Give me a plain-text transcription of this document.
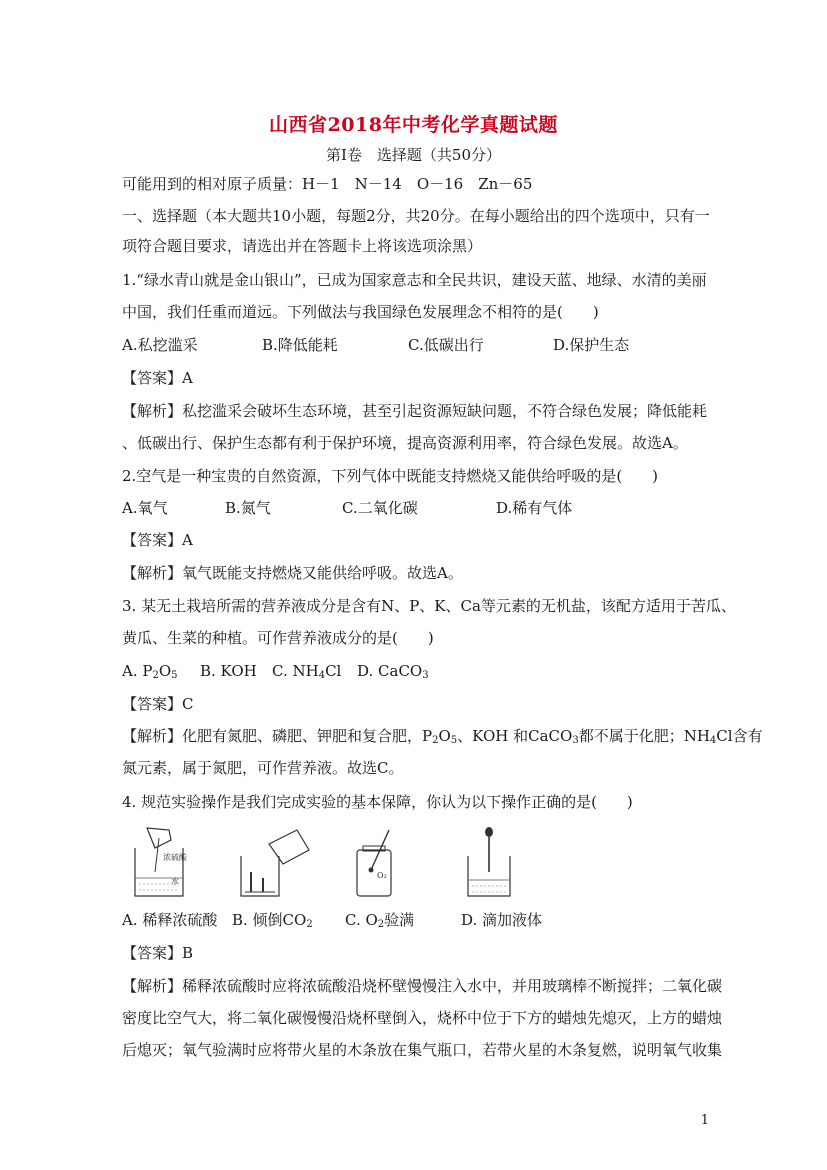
山西省2018年中考化学真题试题
第Ⅰ卷　选择题（共50分）
可能用到的相对原子质量：H－1　N－14　O－16　Zn－65
一、选择题（本大题共10小题，每题2分，共20分。在每小题给出的四个选项中，只有一
项符合题目要求，请选出并在答题卡上将该选项涂黑）
1.“绿水青山就是金山银山”，已成为国家意志和全民共识，建设天蓝、地绿、水清的美丽
中国，我们任重而道远。下列做法与我国绿色发展理念不相符的是(　　)
A.私挖滥采	B.降低能耗	C.低碳出行	D.保护生态
【答案】A
【解析】私挖滥采会破坏生态环境，甚至引起资源短缺问题，不符合绿色发展；降低能耗
、低碳出行、保护生态都有利于保护环境，提高资源利用率，符合绿色发展。故选A。
2.空气是一种宝贵的自然资源，下列气体中既能支持燃烧又能供给呼吸的是(　　)
A.氧气	B.氮气	C.二氧化碳	D.稀有气体
【答案】A
【解析】氧气既能支持燃烧又能供给呼吸。故选A。
3. 某无土栽培所需的营养液成分是含有N、P、K、Ca等元素的无机盐，该配方适用于苦瓜、
黄瓜、生菜的种植。可作营养液成分的是(　　)
A. $P_2O_5$ B. KOH C. $NH_4Cl$ D. CaCO$_3$
【答案】C
【解析】化肥有氮肥、磷肥、钾肥和复合肥，$P_2O_5$、KOH 和CaCO$_3$都不属于化肥；$NH_4Cl$含有
氮元素，属于氮肥，可作营养液。故选C。
4. 规范实验操作是我们完成实验的基本保障，你认为以下操作正确的是(　　)
浓硫酸
水
O₂
A. 稀释浓硫酸 B. 倾倒$CO_2$ C. $O_2$验满	D. 滴加液体
【答案】B
【解析】稀释浓硫酸时应将浓硫酸沿烧杯壁慢慢注入水中，并用玻璃棒不断搅拌；二氧化碳
密度比空气大，将二氧化碳慢慢沿烧杯壁倒入，烧杯中位于下方的蜡烛先熄灭，上方的蜡烛
后熄灭；氧气验满时应将带火星的木条放在集气瓶口，若带火星的木条复燃，说明氧气收集
1
